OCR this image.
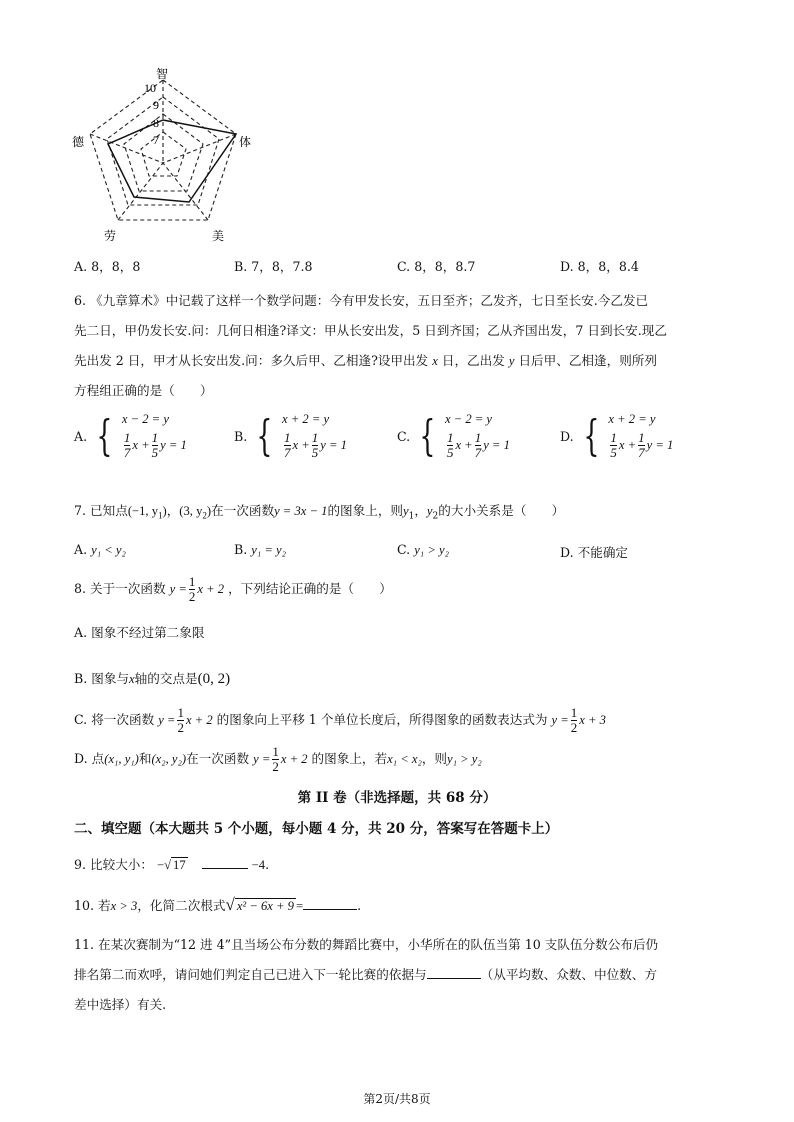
智
体
美
劳
德
10
9
8
7
A. 8，8，8	B. 7，8，7.8	C. 8，8，8.7	D. 8，8，8.4
6. 《九章算术》中记载了这样一个数学问题：今有甲发长安，五日至齐；乙发齐，七日至长安.今乙发已
先二日，甲仍发长安.问：几何日相逢?译文：甲从长安出发，5 日到齐国；乙从齐国出发，7 日到长安.现乙
先出发 2 日，甲才从长安出发.问：多久后甲、乙相逢?设甲出发 x 日，乙出发 y 日后甲、乙相逢，则所列
方程组正确的是（　　）
A. { x − 2 = y
$\frac{1}{7}$ $x + \frac{1}{5}$ y = 1
B. { x + 2 = y
$\frac{1}{7}$ $x + \frac{1}{5}$ y = 1
C. { x − 2 = y
$\frac{1}{5}$ $x + \frac{1}{7}$ y = 1
D. { x + 2 = y
$\frac{1}{5}$ $x + \frac{1}{7}$ y = 1
7. 已知点(−1, $y_1$)，(3, $y_2$)在一次函数y = 3x − 1的图象上，则$y_1$，$y_2$的大小关系是（　　）
A. y₁ < y₂	B. y₁ = y₂	C. y₁ > y₂	D. 不能确定
8. 关于一次函数 $y = \frac{1}{2}$ x + 2 ，下列结论正确的是（　　）
A. 图象不经过第二象限
B. 图象与x轴的交点是(0, 2)
C. 将一次函数 $y = \frac{1}{2}$ x + 2 的图象向上平移 1 个单位长度后，所得图象的函数表达式为 $y = \frac{1}{2}$ x + 3
D. 点(x₁, y₁)和(x₂, y₂)在一次函数 $y = \frac{1}{2}$ x + 2 的图象上，若x₁ < x₂，则y₁ > y₂
第 II 卷（非选择题，共 68 分）
二、填空题（本大题共 5 个小题，每小题 4 分，共 20 分，答案写在答题卡上）
9. 比较大小： −√ 17	−4.
10. 若x > 3，化简二次根式√ x² − 6x + 9 =	.
11. 在某次赛制为“12 进 4”且当场公布分数的舞蹈比赛中，小华所在的队伍当第 10 支队伍分数公布后仍
排名第二而欢呼，请问她们判定自己已进入下一轮比赛的依据与	（从平均数、众数、中位数、方
差中选择）有关.
第2页/共8页
